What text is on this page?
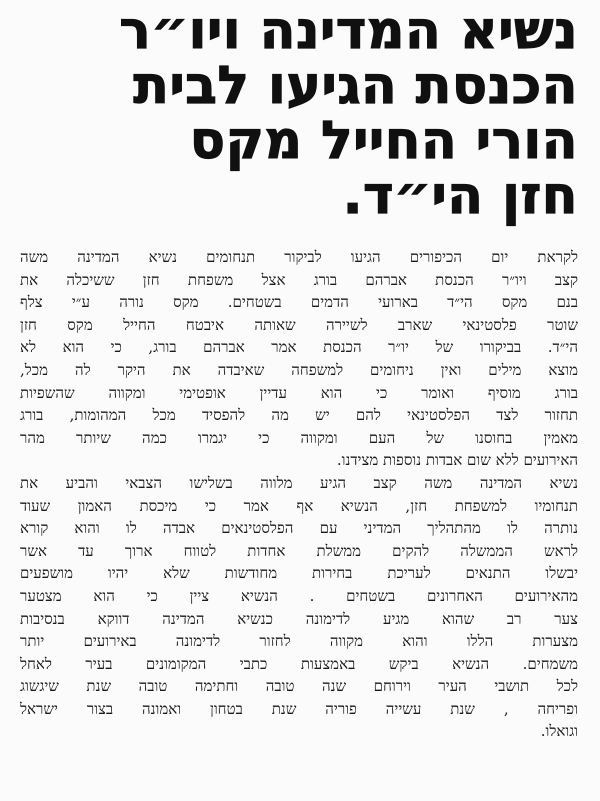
נשיא המדינה ויו״ר
הכנסת הגיעו לבית
הורי החייל מקס
חזן הי״ד.
לקראת יום הכיפורים הגיעו לביקור תנחומים נשיא המדינה משה
קצב ויו״ר הכנסת אברהם בורג אצל משפחת חזן ששיכלה את
בנם מקס הי״ד בארועי הדמים בשטחים. מקס נורה ע״י צלף
שוטר פלסטינאי שארב לשיירה שאותה איבטח החייל מקס חזן
הי״ד. בביקורו של יו״ר הכנסת אמר אברהם בורג, כי הוא לא
מוצא מילים ואין ניחומים למשפחה שאיבדה את היקר לה מכל,
בורג מוסיף ואומר כי הוא עדיין אופטימי ומקווה שהשפיות
תחזור לצד הפלסטינאי להם יש מה להפסיד מכל המהומות, בורג
מאמין בחוסנו של העם ומקווה כי יגמרו כמה שיותר מהר
האירועים ללא שום אבדות נוספות מצידנו.
נשיא המדינה משה קצב הגיע מלווה בשלישו הצבאי והביע את
תנחומיו למשפחת חזן, הנשיא אף אמר כי מיכסת האמון שעוד
נותרה לו מהתהליך המדיני עם הפלסטינאים אבדה לו והוא קורא
לראש הממשלה להקים ממשלת אחדות לטווח ארוך עד אשר
יבשלו התנאים לעריכת בחירות מחודשות שלא יהיו מושפעים
מהאירועים האחרונים בשטחים . הנשיא ציין כי הוא מצטער
צער רב שהוא מגיע לדימונה כנשיא המדינה דווקא בנסיבות
מצערות הללו והוא מקווה לחזור לדימונה באירועים יותר
משמחים. הנשיא ביקש באמצעות כתבי המקומונים בעיר לאחל
לכל תושבי העיר וירוחם שנה טובה וחתימה טובה שנת שיגשוג
ופריחה , שנת עשייה פוריה שנת בטחון ואמונה בצור ישראל
וגואלו.
